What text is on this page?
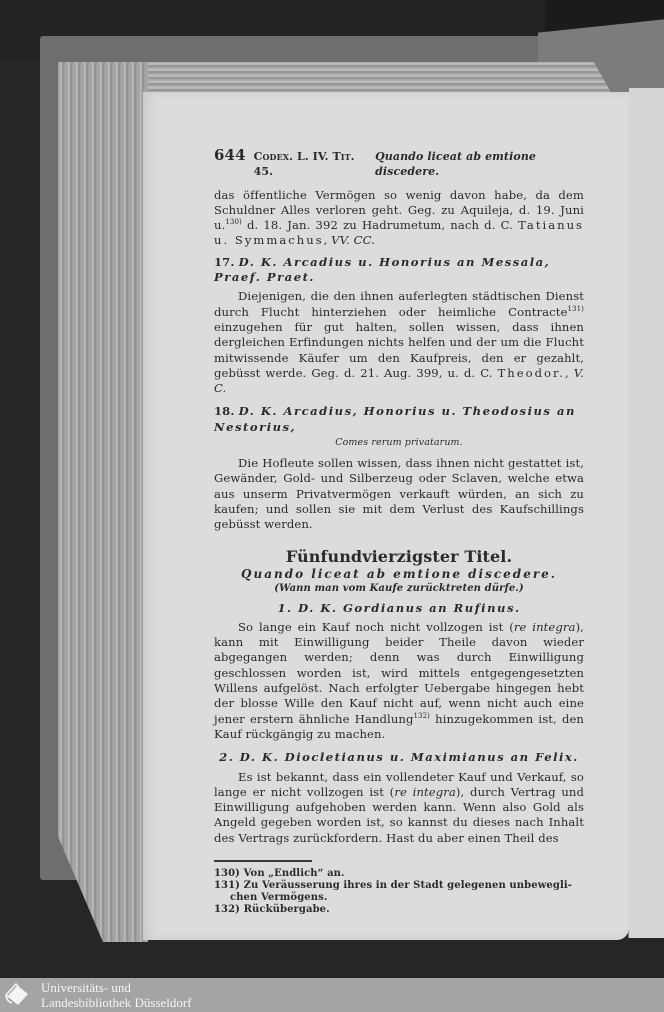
644 Codex. L. IV. Tit. 45.
Quando liceat ab emtione discedere.

das öffentliche Vermögen so wenig davon habe, da dem Schuldner Alles verloren geht. Geg. zu Aquileja, d. 19. Juni u.$^{130)}$ d. 18. Jan. 392 zu Hadrumetum, nach d. C. Tatianus u. Symmachus, VV. CC.

17. D. K. Arcadius u. Honorius an Messala, Praef. Praet.

Diejenigen, die den ihnen auferlegten städtischen Dienst durch Flucht hinterziehen oder heimliche Contracte$^{131)}$ einzugehen für gut halten, sollen wissen, dass ihnen dergleichen Erfindungen nichts helfen und der um die Flucht mitwissende Käufer um den Kaufpreis, den er gezahlt, gebüsst werde. Geg. d. 21. Aug. 399, u. d. C. Theodor., V. C.

18. D. K. Arcadius, Honorius u. Theodosius an Nestorius,
Comes rerum privatarum.

Die Hofleute sollen wissen, dass ihnen nicht gestattet ist, Gewänder, Gold- und Silberzeug oder Sclaven, welche etwa aus unserm Privatvermögen verkauft würden, an sich zu kaufen; und sollen sie mit dem Verlust des Kaufschillings gebüsst werden.

Fünfundvierzigster Titel.
Quando liceat ab emtione discedere.
(Wann man vom Kaufe zurücktreten dürfe.)
1. D. K. Gordianus an Rufinus.

So lange ein Kauf noch nicht vollzogen ist (re integra), kann mit Einwilligung beider Theile davon wieder abgegangen werden; denn was durch Einwilligung geschlossen worden ist, wird mittels entgegengesetzten Willens aufgelöst. Nach erfolgter Uebergabe hingegen hebt der blosse Wille den Kauf nicht auf, wenn nicht auch eine jener erstern ähnliche Handlung$^{132)}$ hinzugekommen ist, den Kauf rückgängig zu machen.

2. D. K. Diocletianus u. Maximianus an Felix.

Es ist bekannt, dass ein vollendeter Kauf und Verkauf, so lange er nicht vollzogen ist (re integra), durch Vertrag und Einwilligung aufgehoben werden kann. Wenn also Gold als Angeld gegeben worden ist, so kannst du dieses nach Inhalt des Vertrags zurückfordern. Hast du aber einen Theil des

130) Von „Endlich“ an.
131) Zu Veräusserung ihres in der Stadt gelegenen unbewegli-
chen Vermögens.
132) Rückübergabe.
Universitäts- und
Landesbibliothek Düsseldorf
